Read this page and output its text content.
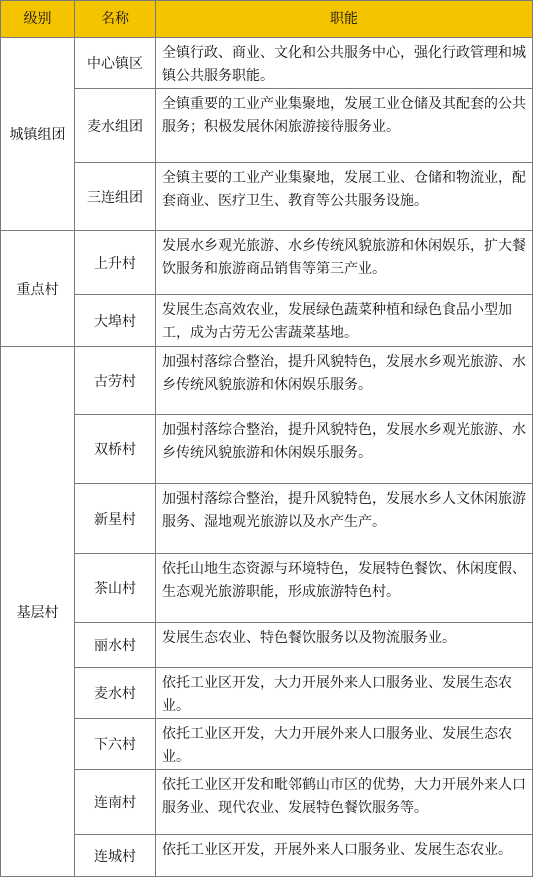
级别	名称	职能
城镇组团	中心镇区	全镇行政、商业、文化和公共服务中心，强化行政管理和城镇公共服务职能。
	麦水组团	全镇重要的工业产业集聚地，发展工业仓储及其配套的公共服务；积极发展休闲旅游接待服务业。
	三连组团	全镇主要的工业产业集聚地，发展工业、仓储和物流业，配套商业、医疗卫生、教育等公共服务设施。
重点村	上升村	发展水乡观光旅游、水乡传统风貌旅游和休闲娱乐，扩大餐饮服务和旅游商品销售等第三产业。
	大埠村	发展生态高效农业，发展绿色蔬菜种植和绿色食品小型加工，成为古劳无公害蔬菜基地。
基层村	古劳村	加强村落综合整治，提升风貌特色，发展水乡观光旅游、水乡传统风貌旅游和休闲娱乐服务。
	双桥村	加强村落综合整治，提升风貌特色，发展水乡观光旅游、水乡传统风貌旅游和休闲娱乐服务。
	新星村	加强村落综合整治，提升风貌特色，发展水乡人文休闲旅游服务、湿地观光旅游以及水产生产。
	茶山村	依托山地生态资源与环境特色，发展特色餐饮、休闲度假、生态观光旅游职能，形成旅游特色村。
	丽水村	发展生态农业、特色餐饮服务以及物流服务业。
	麦水村	依托工业区开发，大力开展外来人口服务业、发展生态农业。
	下六村	依托工业区开发，大力开展外来人口服务业、发展生态农业。
	连南村	依托工业区开发和毗邻鹤山市区的优势，大力开展外来人口服务业、现代农业、发展特色餐饮服务等。
	连城村	依托工业区开发，开展外来人口服务业、发展生态农业。
